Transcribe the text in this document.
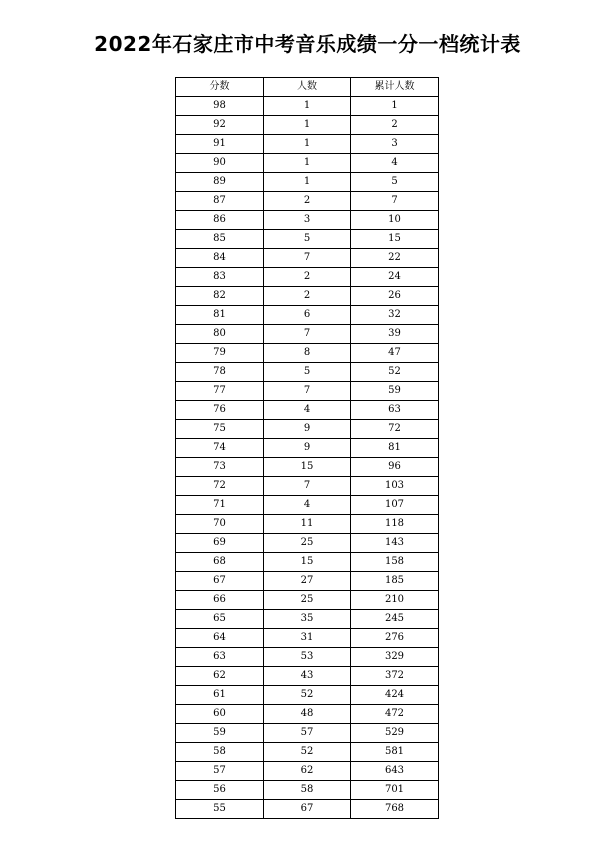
2022年石家庄市中考音乐成绩一分一档统计表
分数	人数	累计人数
98	1	1
92	1	2
91	1	3
90	1	4
89	1	5
87	2	7
86	3	10
85	5	15
84	7	22
83	2	24
82	2	26
81	6	32
80	7	39
79	8	47
78	5	52
77	7	59
76	4	63
75	9	72
74	9	81
73	15	96
72	7	103
71	4	107
70	11	118
69	25	143
68	15	158
67	27	185
66	25	210
65	35	245
64	31	276
63	53	329
62	43	372
61	52	424
60	48	472
59	57	529
58	52	581
57	62	643
56	58	701
55	67	768
